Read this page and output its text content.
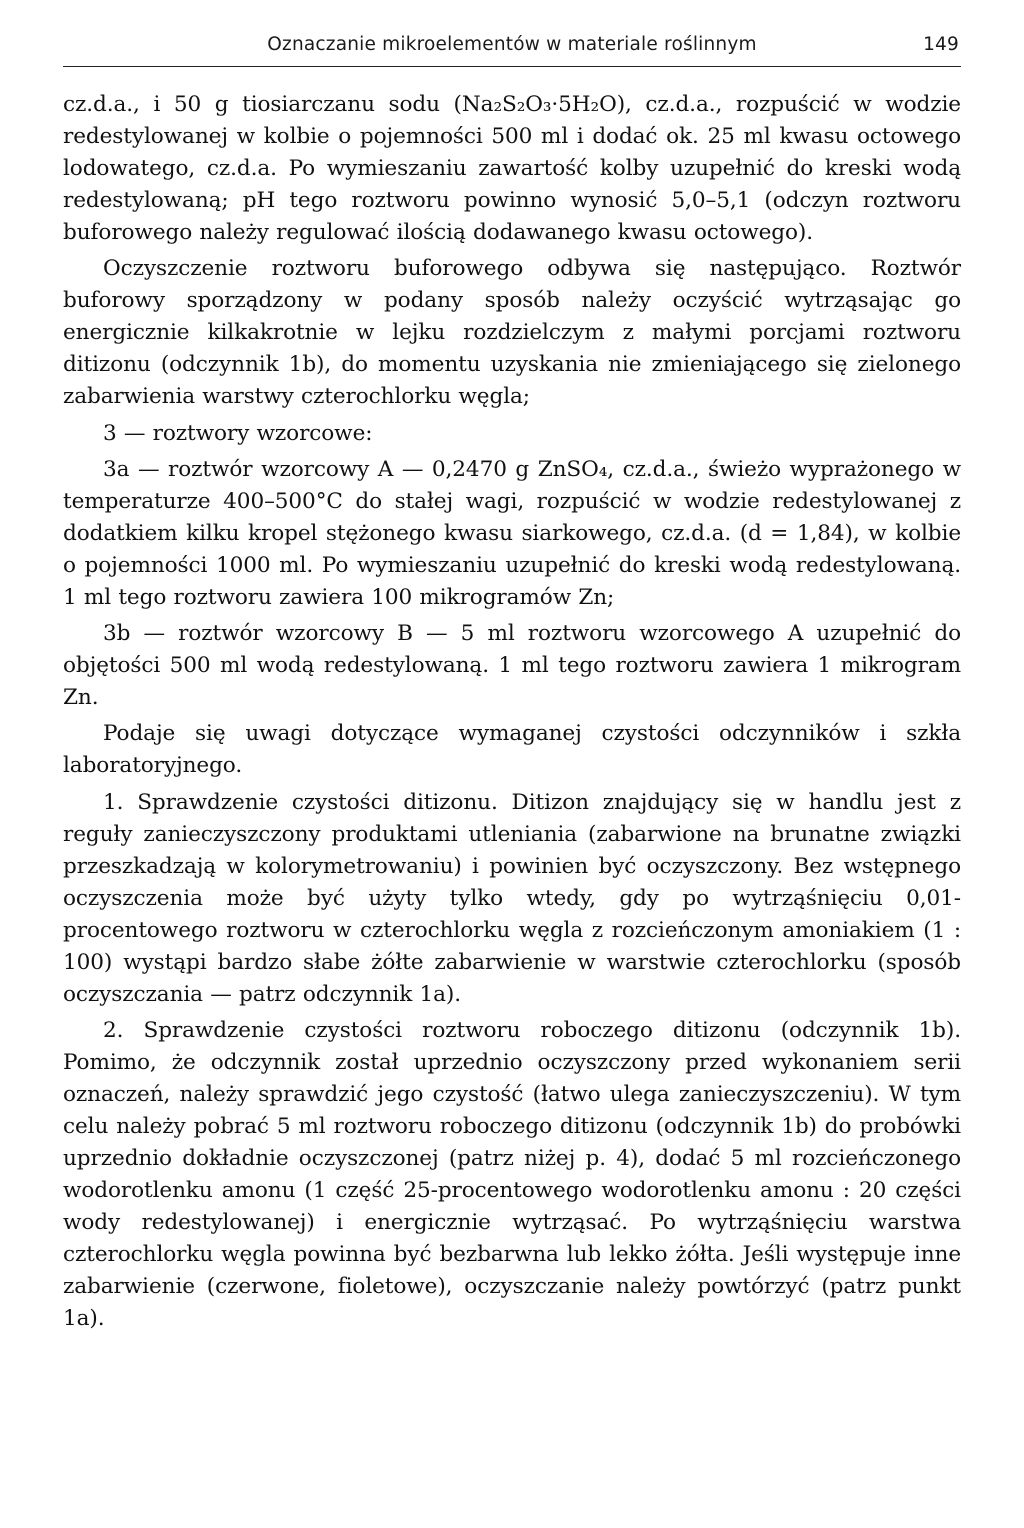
Oznaczanie mikroelementów w materiale roślinnym	149

cz.d.a., i 50 g tiosiarczanu sodu (Na₂S₂O₃·5H₂O), cz.d.a., rozpuścić w wodzie redestylowanej w kolbie o pojemności 500 ml i dodać ok. 25 ml kwasu octowego lodowatego, cz.d.a. Po wymieszaniu zawartość kolby uzupełnić do kreski wodą redestylowaną; pH tego roztworu powinno wynosić 5,0–5,1 (odczyn roztworu buforowego należy regulować ilością dodawanego kwasu octowego).

Oczyszczenie roztworu buforowego odbywa się następująco. Roztwór buforowy sporządzony w podany sposób należy oczyścić wytrząsając go energicznie kilkakrotnie w lejku rozdzielczym z małymi porcjami roztworu ditizonu (odczynnik 1b), do momentu uzyskania nie zmieniającego się zielonego zabarwienia warstwy czterochlorku węgla;

3 — roztwory wzorcowe:

3a — roztwór wzorcowy A — 0,2470 g ZnSO₄, cz.d.a., świeżo wyprażonego w temperaturze 400–500°C do stałej wagi, rozpuścić w wodzie redestylowanej z dodatkiem kilku kropel stężonego kwasu siarkowego, cz.d.a. (d = 1,84), w kolbie o pojemności 1000 ml. Po wymieszaniu uzupełnić do kreski wodą redestylowaną. 1 ml tego roztworu zawiera 100 mikrogramów Zn;

3b — roztwór wzorcowy B — 5 ml roztworu wzorcowego A uzupełnić do objętości 500 ml wodą redestylowaną. 1 ml tego roztworu zawiera 1 mikrogram Zn.

Podaje się uwagi dotyczące wymaganej czystości odczynników i szkła laboratoryjnego.

1. Sprawdzenie czystości ditizonu. Ditizon znajdujący się w handlu jest z reguły zanieczyszczony produktami utleniania (zabarwione na brunatne związki przeszkadzają w kolorymetrowaniu) i powinien być oczyszczony. Bez wstępnego oczyszczenia może być użyty tylko wtedy, gdy po wytrząśnięciu 0,01-procentowego roztworu w czterochlorku węgla z rozcieńczonym amoniakiem (1 : 100) wystąpi bardzo słabe żółte zabarwienie w warstwie czterochlorku (sposób oczyszczania — patrz odczynnik 1a).

2. Sprawdzenie czystości roztworu roboczego ditizonu (odczynnik 1b). Pomimo, że odczynnik został uprzednio oczyszczony przed wykonaniem serii oznaczeń, należy sprawdzić jego czystość (łatwo ulega zanieczyszczeniu). W tym celu należy pobrać 5 ml roztworu roboczego ditizonu (odczynnik 1b) do probówki uprzednio dokładnie oczyszczonej (patrz niżej p. 4), dodać 5 ml rozcieńczonego wodorotlenku amonu (1 część 25-procentowego wodorotlenku amonu : 20 części wody redestylowanej) i energicznie wytrząsać. Po wytrząśnięciu warstwa czterochlorku węgla powinna być bezbarwna lub lekko żółta. Jeśli występuje inne zabarwienie (czerwone, fioletowe), oczyszczanie należy powtórzyć (patrz punkt 1a).
